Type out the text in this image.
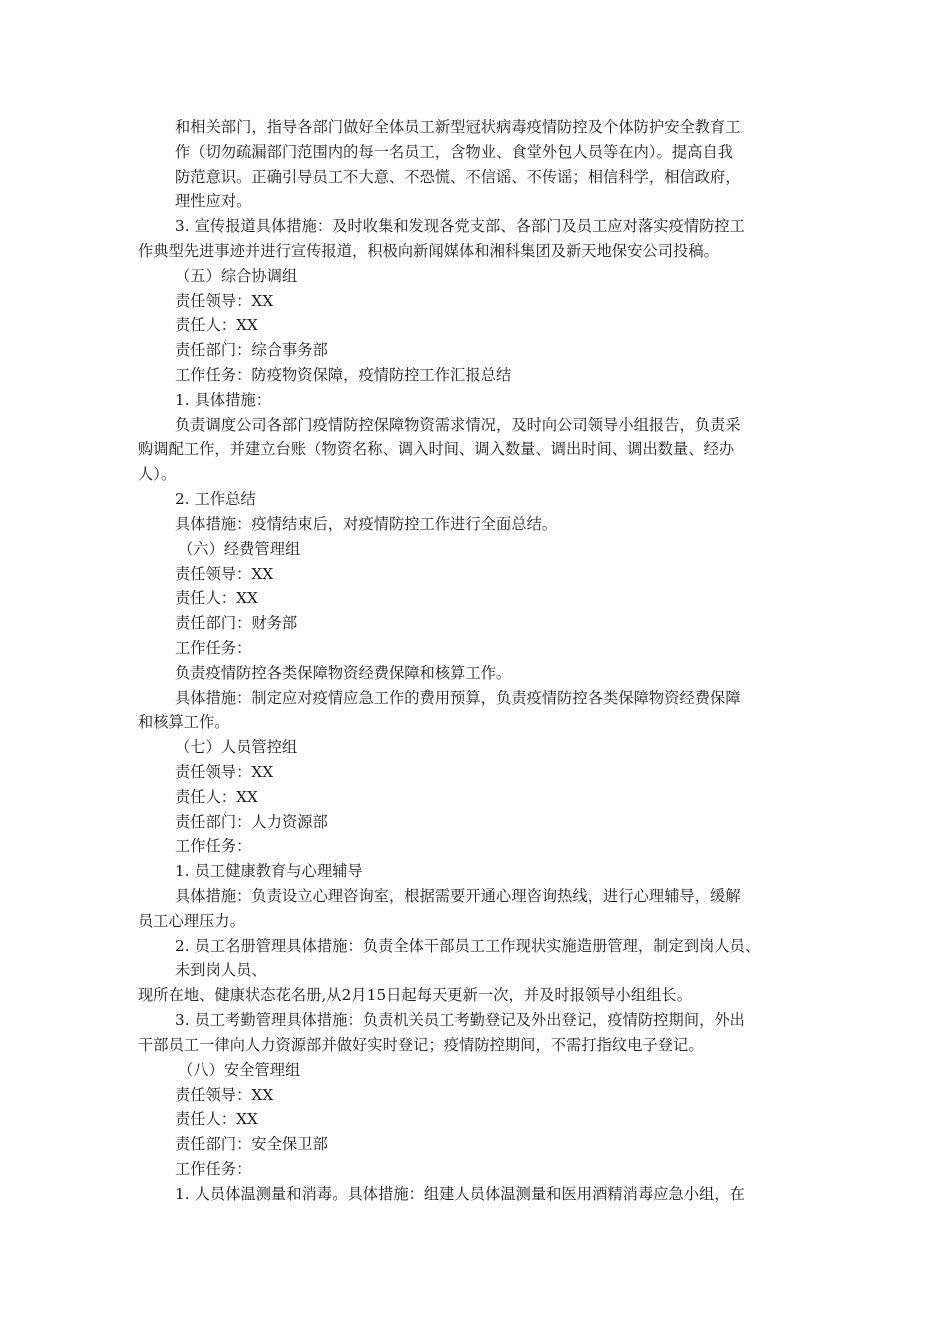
和相关部门，指导各部门做好全体员工新型冠状病毒疫情防控及个体防护安全教育工
作（切勿疏漏部门范围内的每一名员工，含物业、食堂外包人员等在内）。提高自我
防范意识。正确引导员工不大意、不恐慌、不信谣、不传谣；相信科学，相信政府，
理性应对。
3. 宣传报道具体措施：及时收集和发现各党支部、各部门及员工应对落实疫情防控工
作典型先进事迹并进行宣传报道，积极向新闻媒体和湘科集团及新天地保安公司投稿。
（五）综合协调组
责任领导：XX
责任人：XX
责任部门：综合事务部
工作任务：防疫物资保障，疫情防控工作汇报总结
1. 具体措施：
负责调度公司各部门疫情防控保障物资需求情况，及时向公司领导小组报告，负责采
购调配工作，并建立台账（物资名称、调入时间、调入数量、调出时间、调出数量、经办
人）。
2. 工作总结
具体措施：疫情结束后，对疫情防控工作进行全面总结。
（六）经费管理组
责任领导：XX
责任人：XX
责任部门：财务部
工作任务：
负责疫情防控各类保障物资经费保障和核算工作。
具体措施：制定应对疫情应急工作的费用预算，负责疫情防控各类保障物资经费保障
和核算工作。
（七）人员管控组
责任领导：XX
责任人：XX
责任部门：人力资源部
工作任务：
1. 员工健康教育与心理辅导
具体措施：负责设立心理咨询室，根据需要开通心理咨询热线，进行心理辅导，缓解
员工心理压力。
2. 员工名册管理具体措施：负责全体干部员工工作现状实施造册管理，制定到岗人员、
未到岗人员、
现所在地、健康状态花名册,从2月15日起每天更新一次，并及时报领导小组组长。
3. 员工考勤管理具体措施：负责机关员工考勤登记及外出登记，疫情防控期间，外出
干部员工一律向人力资源部并做好实时登记；疫情防控期间，不需打指纹电子登记。
（八）安全管理组
责任领导：XX
责任人：XX
责任部门：安全保卫部
工作任务：
1. 人员体温测量和消毒。具体措施：组建人员体温测量和医用酒精消毒应急小组，在
